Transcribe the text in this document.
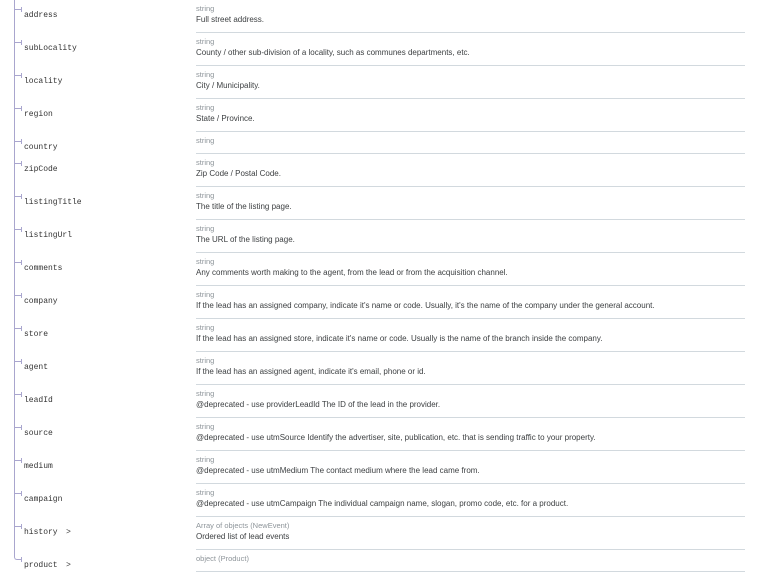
address
string
Full street address.
subLocality
string
County / other sub-division of a locality, such as communes departments, etc.
locality
string
City / Municipality.
region
string
State / Province.
country
string
zipCode
string
Zip Code / Postal Code.
listingTitle
string
The title of the listing page.
listingUrl
string
The URL of the listing page.
comments
string
Any comments worth making to the agent, from the lead or from the acquisition channel.
company
string
If the lead has an assigned company, indicate it's name or code. Usually, it's the name of the company under the general account.
store
string
If the lead has an assigned store, indicate it's name or code. Usually is the name of the branch inside the company.
agent
string
If the lead has an assigned agent, indicate it's email, phone or id.
leadId
string
@deprecated - use providerLeadId The ID of the lead in the provider.
source
string
@deprecated - use utmSource Identify the advertiser, site, publication, etc. that is sending traffic to your property.
medium
string
@deprecated - use utmMedium The contact medium where the lead came from.
campaign
string
@deprecated - use utmCampaign The individual campaign name, slogan, promo code, etc. for a product.
history >
Array of objects (NewEvent)
Ordered list of lead events
product >
object (Product)
